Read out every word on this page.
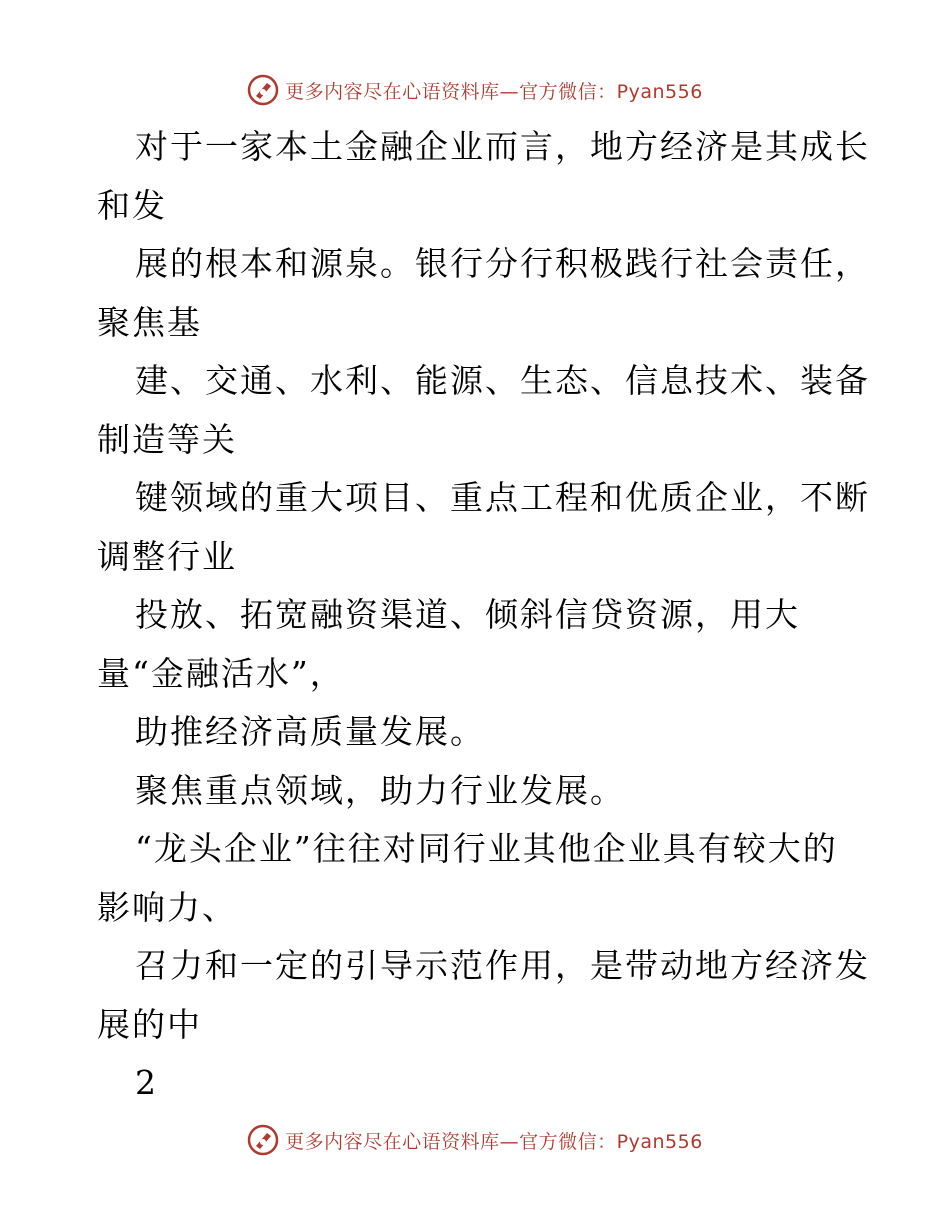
更多内容尽在心语资料库—官方微信：Pyan556
对于一家本土金融企业而言，地方经济是其成长
和发
展的根本和源泉。银行分行积极践行社会责任，
聚焦基
建、交通、水利、能源、生态、信息技术、装备
制造等关
键领域的重大项目、重点工程和优质企业，不断
调整行业
投放、拓宽融资渠道、倾斜信贷资源，用大
量“金融活水”，
助推经济高质量发展。
聚焦重点领域，助力行业发展。
“龙头企业”往往对同行业其他企业具有较大的
影响力、
召力和一定的引导示范作用，是带动地方经济发
展的中
2
更多内容尽在心语资料库—官方微信：Pyan556
